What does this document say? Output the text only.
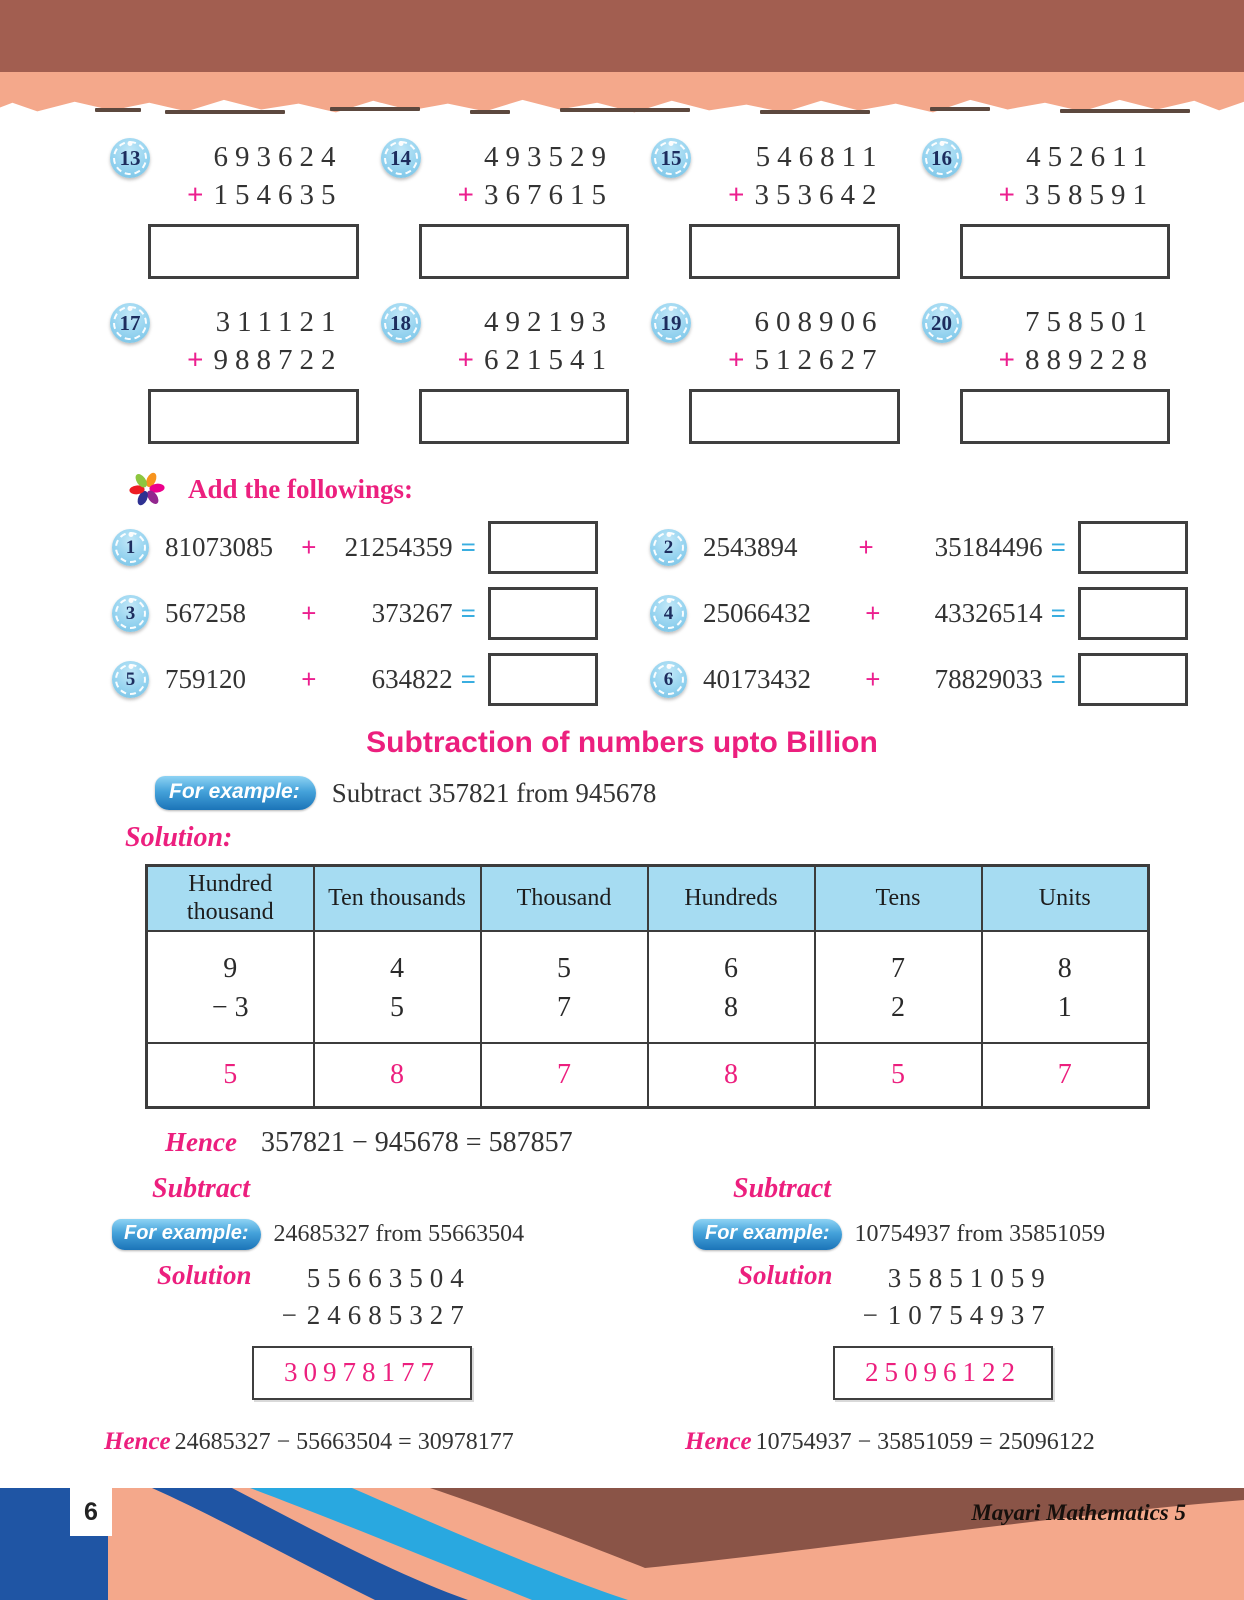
13	693624
+ 154635
14	493529
+ 367615
15	546811
+ 353642
16	452611
+ 358591
17	311121
+ 988722
18	492193
+ 621541
19	608906
+ 512627
20	758501
+ 889228
Add the followings:
1	81073085 + 21254359 =	2	2543894 + 35184496 =
3	567258 + 373267 =	4	25066432 + 43326514 =
5	759120 + 634822 =	6	40173432 + 78829033 =
Subtraction of numbers upto Billion
For example:	Subtract 357821 from 945678
Solution:
Hundred thousand	Ten thousands	Thousand	Hundreds	Tens	Units
9	4	5	6	7	8
− 3	5	7	8	2	1
5	8	7	8	5	7
Hence 357821 − 945678 = 587857
Subtract
For example:	24685327 from 55663504
Solution 55663504
− 24685327
30978177
Hence 24685327 − 55663504 = 30978177
Subtract
For example:	10754937 from 35851059
Solution 35851059
− 10754937
25096122
Hence 10754937 − 35851059 = 25096122
6	Mayari Mathematics 5
